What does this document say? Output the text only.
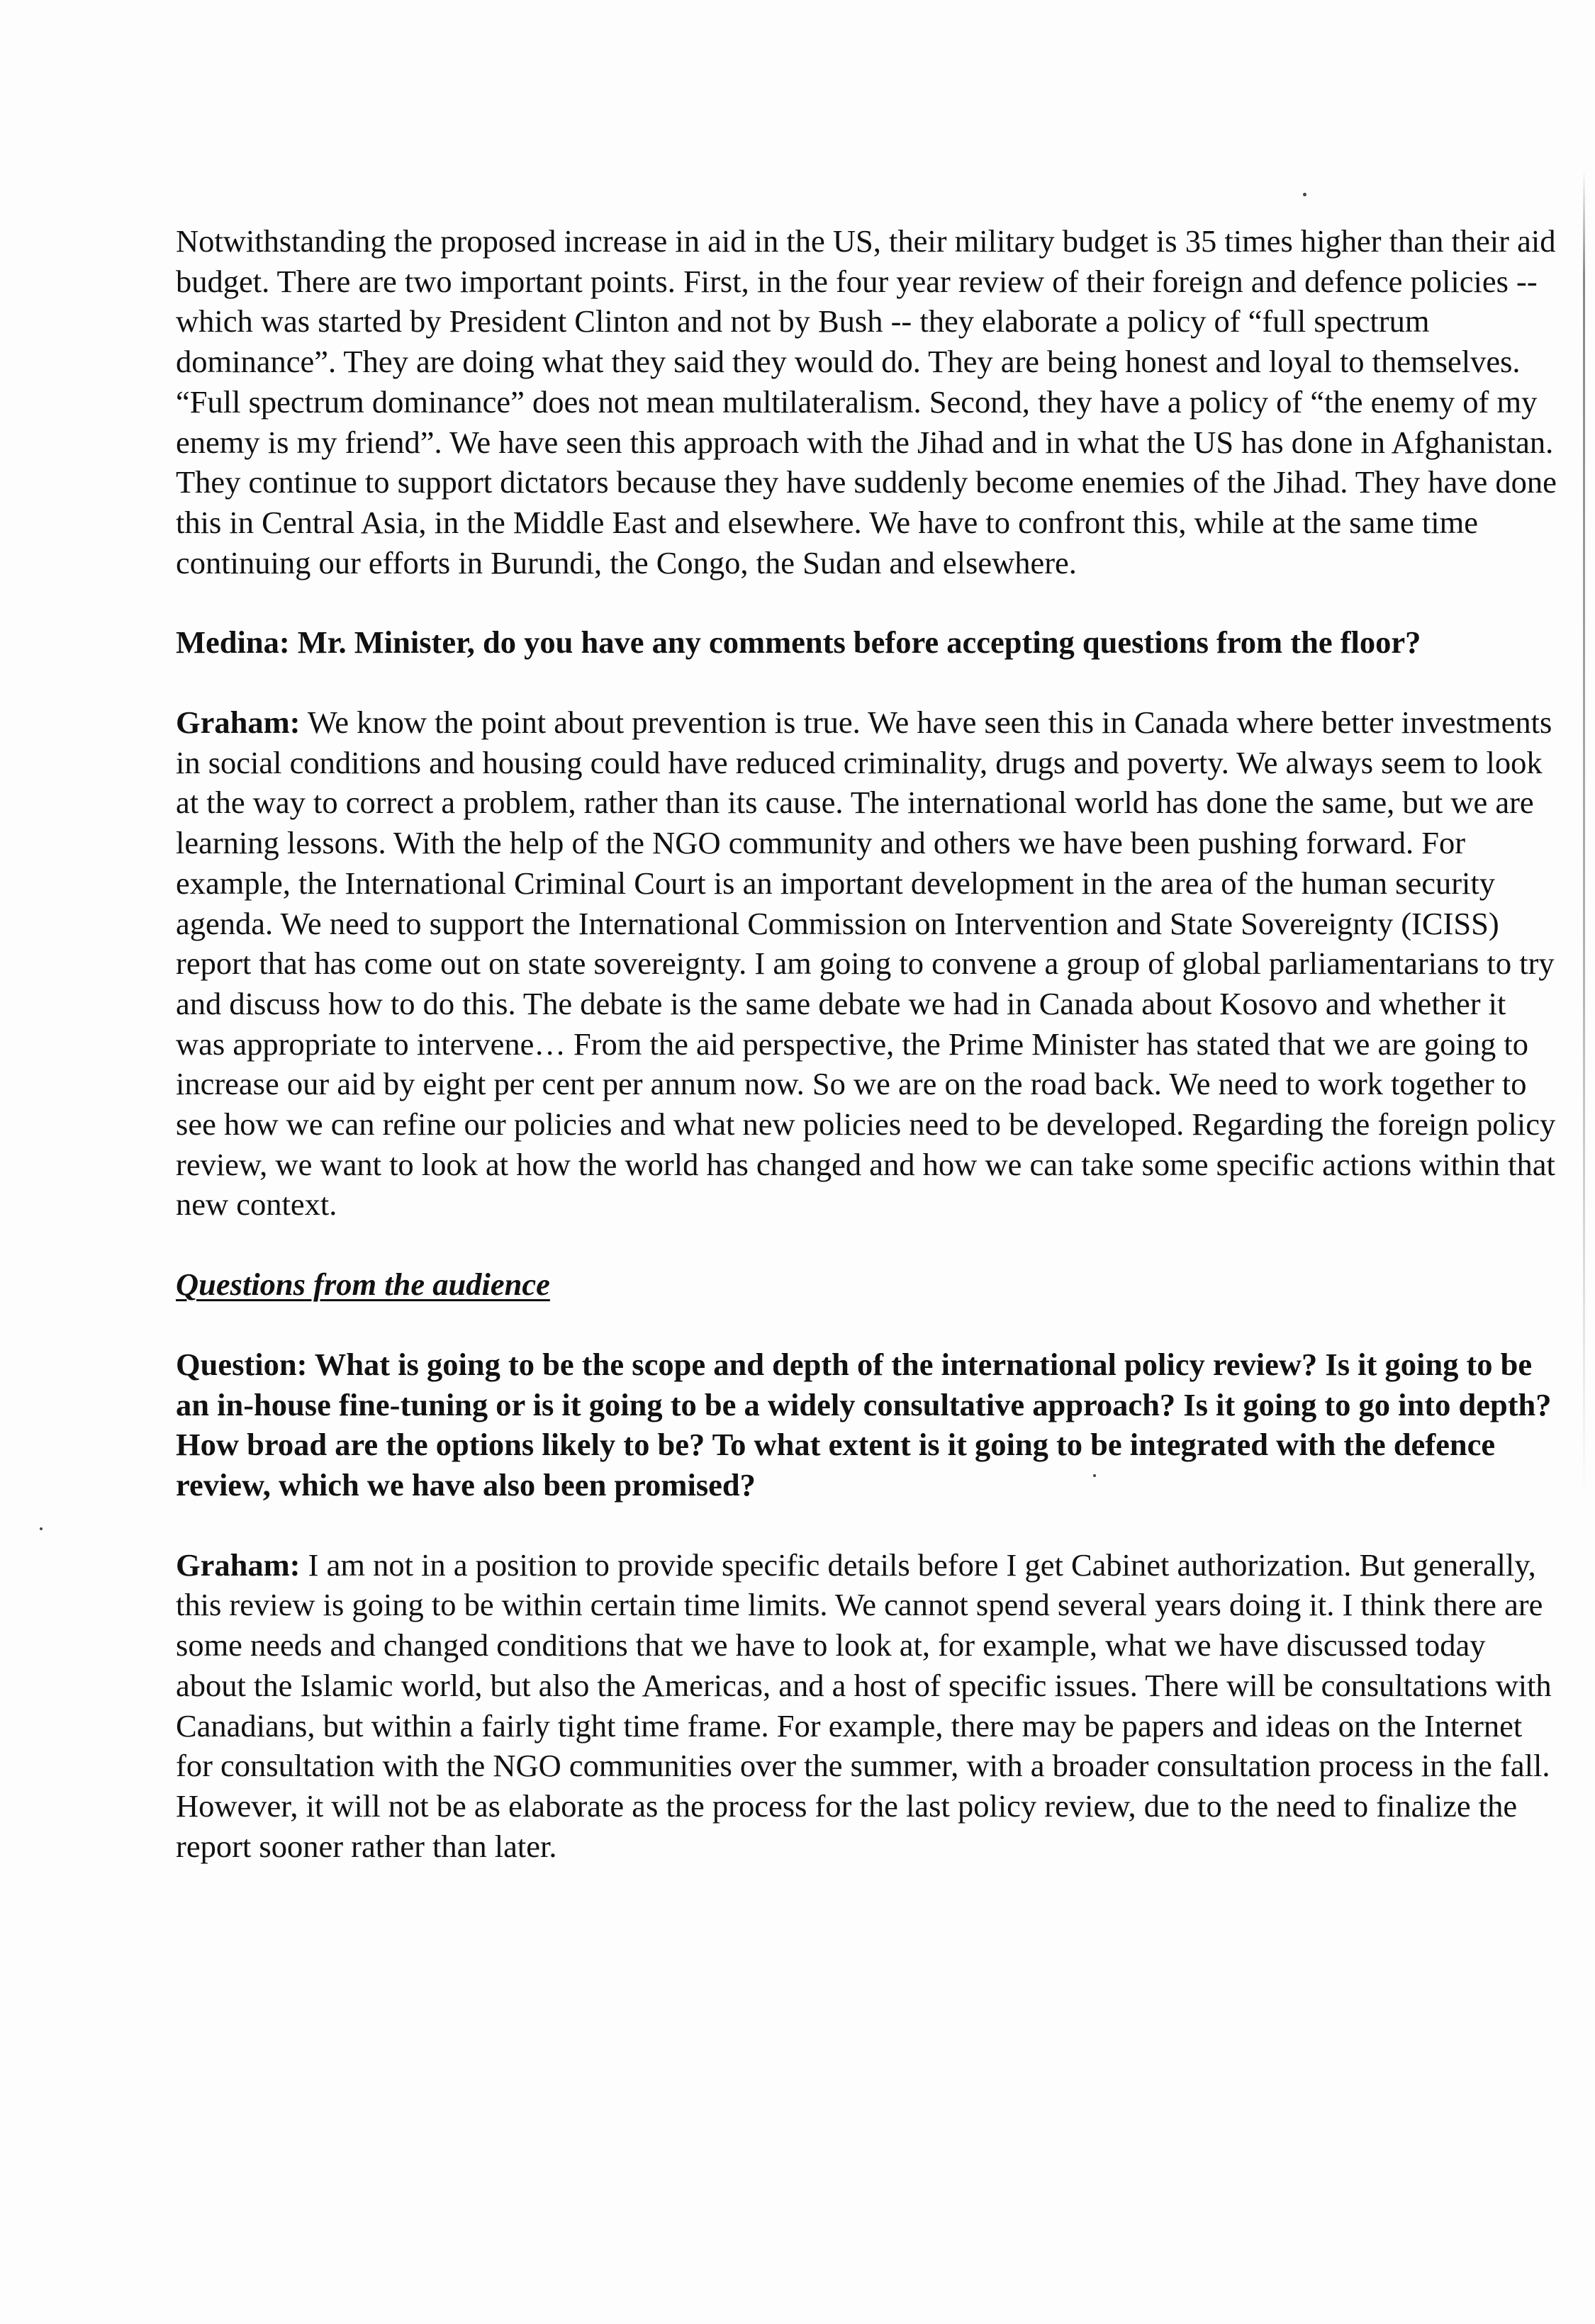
Notwithstanding the proposed increase in aid in the US, their military budget is 35 times higher than their aid budget. There are two important points. First, in the four year review of their foreign and defence policies -- which was started by President Clinton and not by Bush -- they elaborate a policy of “full spectrum dominance”. They are doing what they said they would do. They are being honest and loyal to themselves. “Full spectrum dominance” does not mean multilateralism. Second, they have a policy of “the enemy of my enemy is my friend”. We have seen this approach with the Jihad and in what the US has done in Afghanistan. They continue to support dictators because they have suddenly become enemies of the Jihad. They have done this in Central Asia, in the Middle East and elsewhere. We have to confront this, while at the same time continuing our efforts in Burundi, the Congo, the Sudan and elsewhere.

Medina: Mr. Minister, do you have any comments before accepting questions from the floor?

Graham: We know the point about prevention is true. We have seen this in Canada where better investments in social conditions and housing could have reduced criminality, drugs and poverty. We always seem to look at the way to correct a problem, rather than its cause. The international world has done the same, but we are learning lessons. With the help of the NGO community and others we have been pushing forward. For example, the International Criminal Court is an important development in the area of the human security agenda. We need to support the International Commission on Intervention and State Sovereignty (ICISS) report that has come out on state sovereignty. I am going to convene a group of global parliamentarians to try and discuss how to do this. The debate is the same debate we had in Canada about Kosovo and whether it was appropriate to intervene… From the aid perspective, the Prime Minister has stated that we are going to increase our aid by eight per cent per annum now. So we are on the road back. We need to work together to see how we can refine our policies and what new policies need to be developed. Regarding the foreign policy review, we want to look at how the world has changed and how we can take some specific actions within that new context.

Questions from the audience

Question: What is going to be the scope and depth of the international policy review? Is it going to be an in-house fine-tuning or is it going to be a widely consultative approach? Is it going to go into depth? How broad are the options likely to be? To what extent is it going to be integrated with the defence review, which we have also been promised?

Graham: I am not in a position to provide specific details before I get Cabinet authorization. But generally, this review is going to be within certain time limits. We cannot spend several years doing it. I think there are some needs and changed conditions that we have to look at, for example, what we have discussed today about the Islamic world, but also the Americas, and a host of specific issues. There will be consultations with Canadians, but within a fairly tight time frame. For example, there may be papers and ideas on the Internet for consultation with the NGO communities over the summer, with a broader consultation process in the fall. However, it will not be as elaborate as the process for the last policy review, due to the need to finalize the report sooner rather than later.
